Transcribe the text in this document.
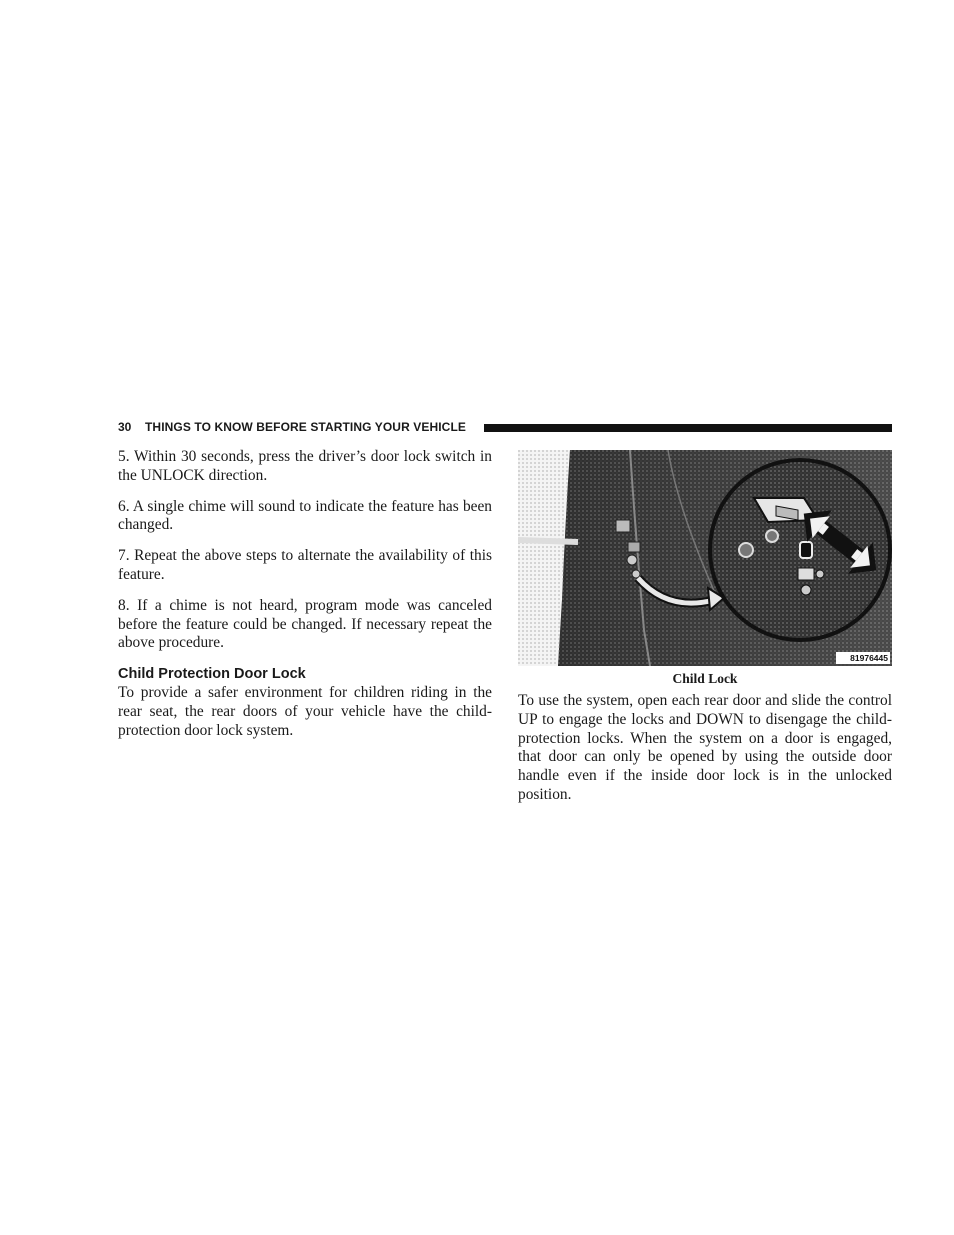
30 THINGS TO KNOW BEFORE STARTING YOUR VEHICLE

5. Within 30 seconds, press the driver’s door lock switch in the UNLOCK direction.

6. A single chime will sound to indicate the feature has been changed.

7. Repeat the above steps to alternate the availability of this feature.

8. If a chime is not heard, program mode was canceled before the feature could be changed. If necessary repeat the above procedure.

Child Protection Door Lock

To provide a safer environment for children riding in the rear seat, the rear doors of your vehicle have the child-protection door lock system.

81976445
Child Lock

To use the system, open each rear door and slide the control UP to engage the locks and DOWN to disengage the child-protection locks. When the system on a door is engaged, that door can only be opened by using the outside door handle even if the inside door lock is in the unlocked position.
